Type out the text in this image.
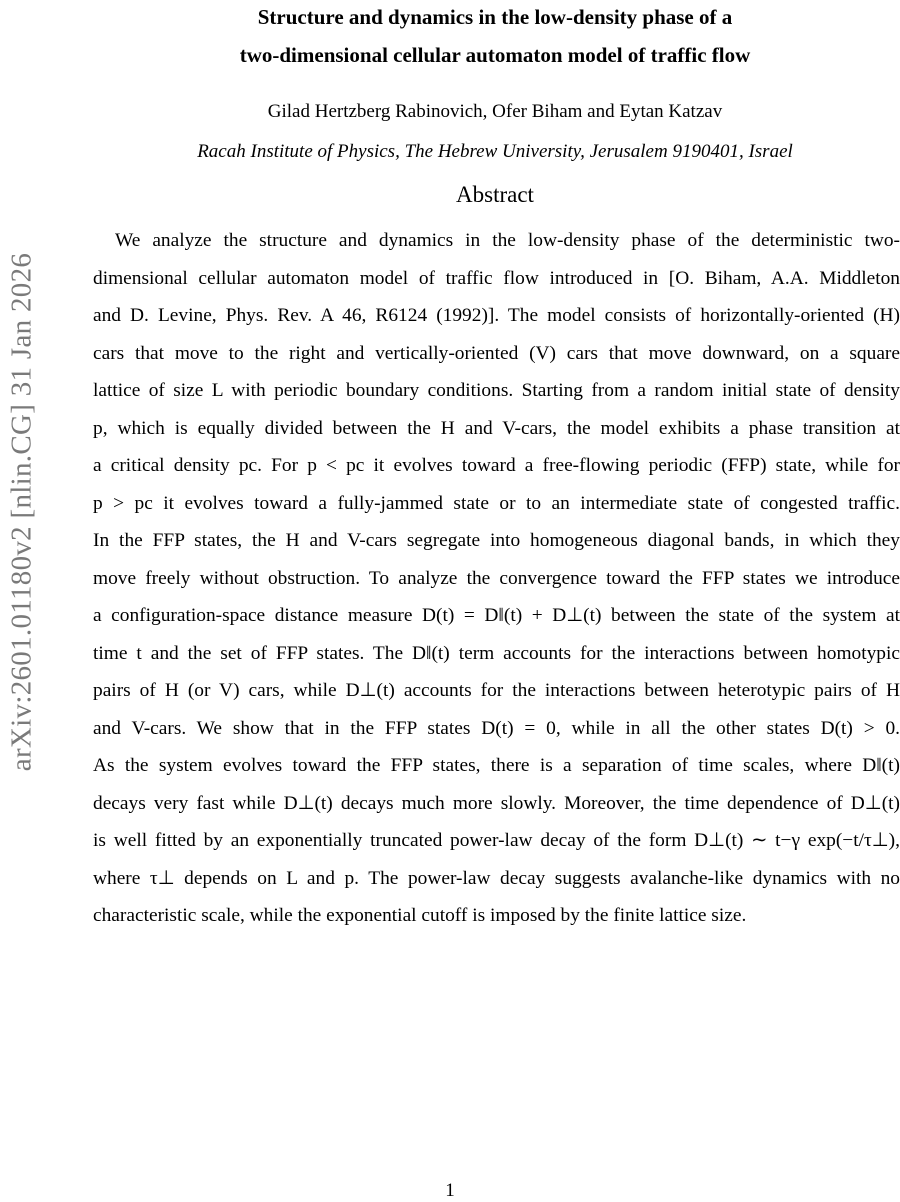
arXiv:2601.01180v2 [nlin.CG] 31 Jan 2026
Structure and dynamics in the low-density phase of a
two-dimensional cellular automaton model of traffic flow
Gilad Hertzberg Rabinovich, Ofer Biham and Eytan Katzav
Racah Institute of Physics, The Hebrew University, Jerusalem 9190401, Israel
Abstract
We analyze the structure and dynamics in the low-density phase of the deterministic two-
dimensional cellular automaton model of traffic flow introduced in [O. Biham, A.A. Middleton
and D. Levine, Phys. Rev. A 46, R6124 (1992)]. The model consists of horizontally-oriented (H)
cars that move to the right and vertically-oriented (V) cars that move downward, on a square
lattice of size L with periodic boundary conditions. Starting from a random initial state of density
p, which is equally divided between the H and V-cars, the model exhibits a phase transition at
a critical density pc. For p < pc it evolves toward a free-flowing periodic (FFP) state, while for
p > pc it evolves toward a fully-jammed state or to an intermediate state of congested traffic.
In the FFP states, the H and V-cars segregate into homogeneous diagonal bands, in which they
move freely without obstruction. To analyze the convergence toward the FFP states we introduce
a configuration-space distance measure D(t) = D‖(t) + D⊥(t) between the state of the system at
time t and the set of FFP states. The D‖(t) term accounts for the interactions between homotypic
pairs of H (or V) cars, while D⊥(t) accounts for the interactions between heterotypic pairs of H
and V-cars. We show that in the FFP states D(t) = 0, while in all the other states D(t) > 0.
As the system evolves toward the FFP states, there is a separation of time scales, where D‖(t)
decays very fast while D⊥(t) decays much more slowly. Moreover, the time dependence of D⊥(t)
is well fitted by an exponentially truncated power-law decay of the form D⊥(t) ∼ t−γ exp(−t/τ⊥),
where τ⊥ depends on L and p. The power-law decay suggests avalanche-like dynamics with no
characteristic scale, while the exponential cutoff is imposed by the finite lattice size.
1
